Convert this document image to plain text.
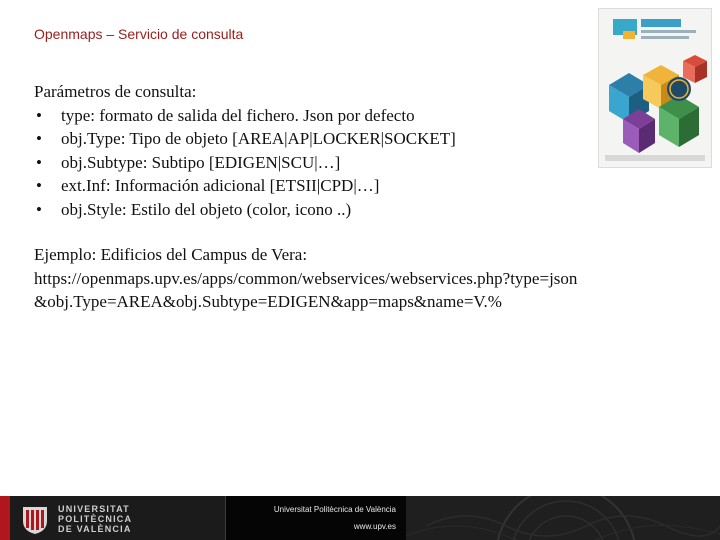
Openmaps – Servicio de consulta
Parámetros de consulta:
• type: formato de salida del fichero. Json por defecto
• obj.Type: Tipo de objeto [AREA|AP|LOCKER|SOCKET]
• obj.Subtype: Subtipo [EDIGEN|SCU|…]
• ext.Inf: Información adicional [ETSII|CPD|…]
• obj.Style: Estilo del objeto (color, icono ..)
Ejemplo: Edificios del Campus de Vera:
https://openmaps.upv.es/apps/common/webservices/webservices.php?type=json
&obj.Type=AREA&obj.Subtype=EDIGEN&app=maps&name=V.%
UNIVERSITAT
POLITÈCNICA
DE VALÈNCIA
Universitat Politècnica de València
www.upv.es
